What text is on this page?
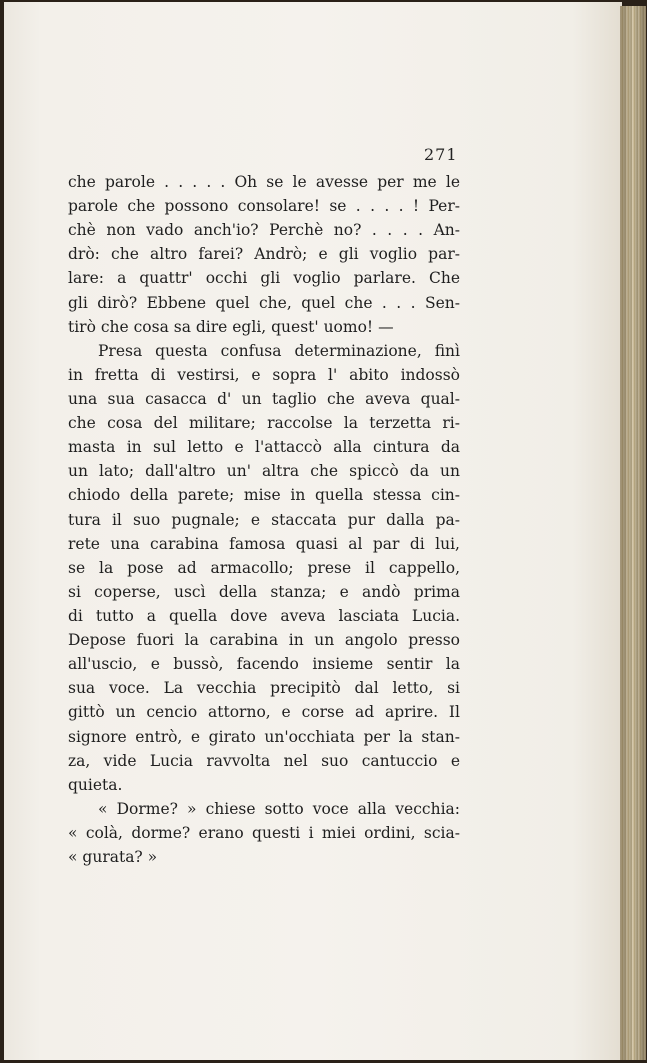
271
che parole . . . . . Oh se le avesse per me le
parole che possono consolare! se . . . . ! Per-
chè non vado anch'io? Perchè no? . . . . An-
drò: che altro farei? Andrò; e gli voglio par-
lare: a quattr' occhi gli voglio parlare. Che
gli dirò? Ebbene quel che, quel che . . . Sen-
tirò che cosa sa dire egli, quest' uomo! —
Presa questa confusa determinazione, finì
in fretta di vestirsi, e sopra l' abito indossò
una sua casacca d' un taglio che aveva qual-
che cosa del militare; raccolse la terzetta ri-
masta in sul letto e l'attaccò alla cintura da
un lato; dall'altro un' altra che spiccò da un
chiodo della parete; mise in quella stessa cin-
tura il suo pugnale; e staccata pur dalla pa-
rete una carabina famosa quasi al par di lui,
se la pose ad armacollo; prese il cappello,
si coperse, uscì della stanza; e andò prima
di tutto a quella dove aveva lasciata Lucia.
Depose fuori la carabina in un angolo presso
all'uscio, e bussò, facendo insieme sentir la
sua voce. La vecchia precipitò dal letto, si
gittò un cencio attorno, e corse ad aprire. Il
signore entrò, e girato un'occhiata per la stan-
za, vide Lucia ravvolta nel suo cantuccio e
quieta.
« Dorme? » chiese sotto voce alla vecchia:
« colà, dorme? erano questi i miei ordini, scia-
« gurata? »
